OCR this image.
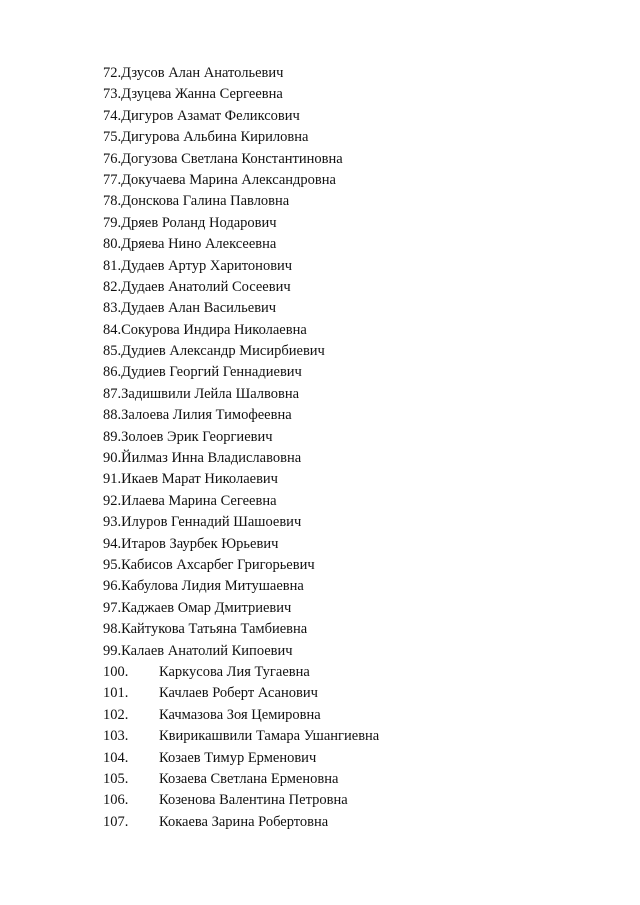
72.Дзусов Алан Анатольевич
73.Дзуцева Жанна Сергеевна
74.Дигуров Азамат Феликсович
75.Дигурова Альбина Кириловна
76.Догузова Светлана Константиновна
77.Докучаева Марина Александровна
78.Донскова Галина Павловна
79.Дряев Роланд Нодарович
80.Дряева Нино Алексеевна
81.Дудаев Артур Харитонович
82.Дудаев Анатолий Сосеевич
83.Дудаев Алан Васильевич
84.Сокурова Индира Николаевна
85.Дудиев Александр Мисирбиевич
86.Дудиев Георгий Геннадиевич
87.Задишвили Лейла Шалвовна
88.Залоева Лилия Тимофеевна
89.Золоев Эрик Георгиевич
90.Йилмаз Инна Владиславовна
91.Икаев Марат Николаевич
92.Илаева Марина Сегеевна
93.Илуров Геннадий Шашоевич
94.Итаров Заурбек Юрьевич
95.Кабисов Ахсарбег Григорьевич
96.Кабулова Лидия Митушаевна
97.Каджаев Омар Дмитриевич
98.Кайтукова Татьяна Тамбиевна
99.Калаев Анатолий Кипоевич
100. Каркусова Лия Тугаевна
101. Качлаев Роберт Асанович
102. Качмазова Зоя Цемировна
103. Квирикашвили Тамара Ушангиевна
104. Козаев Тимур Ерменович
105. Козаева Светлана Ерменовна
106. Козенова Валентина Петровна
107. Кокаева Зарина Робертовна
